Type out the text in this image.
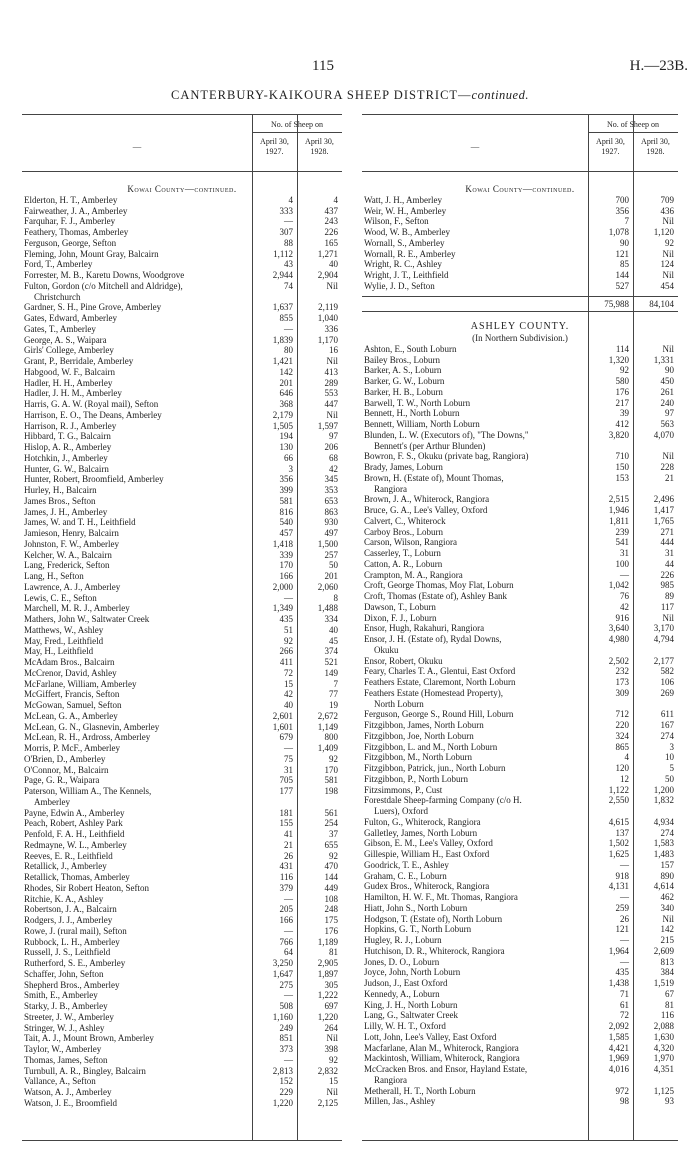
115	H.—23B.
CANTERBURY-KAIKOURA SHEEP DISTRICT—continued.
—
No. of Sheep on
April 30,
1927.
April 30,
1928.
Kowai County—continued.
Elderton, H. T., Amberley	4	4
Fairweather, J. A., Amberley	333	437
Farquhar, F. J., Amberley	—	243
Feathery, Thomas, Amberley	307	226
Ferguson, George, Sefton	88	165
Fleming, John, Mount Gray, Balcairn	1,112	1,271
Ford, T., Amberley	43	40
Forrester, M. B., Karetu Downs, Woodgrove	2,944	2,904
Fulton, Gordon (c/o Mitchell and Aldridge),	74	Nil
Christchurch
Gardner, S. H., Pine Grove, Amberley	1,637	2,119
Gates, Edward, Amberley	855	1,040
Gates, T., Amberley	—	336
George, A. S., Waipara	1,839	1,170
Girls' College, Amberley	80	16
Grant, P., Berridale, Amberley	1,421	Nil
Habgood, W. F., Balcairn	142	413
Hadler, H. H., Amberley	201	289
Hadler, J. H. M., Amberley	646	553
Harris, G. A. W. (Royal mail), Sefton	368	447
Harrison, E. O., The Deans, Amberley	2,179	Nil
Harrison, R. J., Amberley	1,505	1,597
Hibbard, T. G., Balcairn	194	97
Hislop, A. R., Amberley	130	206
Hotchkin, J., Amberley	66	68
Hunter, G. W., Balcairn	3	42
Hunter, Robert, Broomfield, Amberley	356	345
Hurley, H., Balcairn	399	353
James Bros., Sefton	581	653
James, J. H., Amberley	816	863
James, W. and T. H., Leithfield	540	930
Jamieson, Henry, Balcairn	457	497
Johnston, F. W., Amberley	1,418	1,500
Kelcher, W. A., Balcairn	339	257
Lang, Frederick, Sefton	170	50
Lang, H., Sefton	166	201
Lawrence, A. J., Amberley	2,000	2,060
Lewis, C. E., Sefton	—	8
Marchell, M. R. J., Amberley	1,349	1,488
Mathers, John W., Saltwater Creek	435	334
Matthews, W., Ashley	51	40
May, Fred., Leithfield	92	45
May, H., Leithfield	266	374
McAdam Bros., Balcairn	411	521
McCrenor, David, Ashley	72	149
McFarlane, William, Amberley	15	7
McGiffert, Francis, Sefton	42	77
McGowan, Samuel, Sefton	40	19
McLean, G. A., Amberley	2,601	2,672
McLean, G. N., Glasnevin, Amberley	1,601	1,149
McLean, R. H., Ardross, Amberley	679	800
Morris, P. McF., Amberley	—	1,409
O'Brien, D., Amberley	75	92
O'Connor, M., Balcairn	31	170
Page, G. R., Waipara	705	581
Paterson, William A., The Kennels,	177	198
Amberley
Payne, Edwin A., Amberley	181	561
Peach, Robert, Ashley Park	155	254
Penfold, F. A. H., Leithfield	41	37
Redmayne, W. L., Amberley	21	655
Reeves, E. R., Leithfield	26	92
Retallick, J., Amberley	431	470
Retallick, Thomas, Amberley	116	144
Rhodes, Sir Robert Heaton, Sefton	379	449
Ritchie, K. A., Ashley	—	108
Robertson, J. A., Balcairn	205	248
Rodgers, J. J., Amberley	166	175
Rowe, J. (rural mail), Sefton	—	176
Rubbock, L. H., Amberley	766	1,189
Russell, J. S., Leithfield	64	81
Rutherford, S. E., Amberley	3,250	2,905
Schaffer, John, Sefton	1,647	1,897
Shepherd Bros., Amberley	275	305
Smith, E., Amberley	—	1,222
Starky, J. B., Amberley	508	697
Streeter, J. W., Amberley	1,160	1,220
Stringer, W. J., Ashley	249	264
Tait, A. J., Mount Brown, Amberley	851	Nil
Taylor, W., Amberley	373	398
Thomas, James, Sefton	—	92
Turnbull, A. R., Bingley, Balcairn	2,813	2,832
Vallance, A., Sefton	152	15
Watson, A. J., Amberley	229	Nil
Watson, J. E., Broomfield	1,220	2,125
—
No. of Sheep on
April 30,
1927.
April 30,
1928.
Kowai County—continued.
Watt, J. H., Amberley	700	709
Weir, W. H., Amberley	356	436
Wilson, F., Sefton	7	Nil
Wood, W. B., Amberley	1,078	1,120
Wornall, S., Amberley	90	92
Wornall, R. E., Amberley	121	Nil
Wright, R. C., Ashley	85	124
Wright, J. T., Leithfield	144	Nil
Wylie, J. D., Sefton	527	454
75,988	84,104
ASHLEY COUNTY.
(In Northern Subdivision.)
Ashton, E., South Loburn	114	Nil
Bailey Bros., Loburn	1,320	1,331
Barker, A. S., Loburn	92	90
Barker, G. W., Loburn	580	450
Barker, H. B., Loburn	176	261
Barwell, T. W., North Loburn	217	240
Bennett, H., North Loburn	39	97
Bennett, William, North Loburn	412	563
Blunden, L. W. (Executors of), "The Downs,"	3,820	4,070
Bennett's (per Arthur Blunden)
Bowron, F. S., Okuku (private bag, Rangiora)	710	Nil
Brady, James, Loburn	150	228
Brown, H. (Estate of), Mount Thomas,	153	21
Rangiora
Brown, J. A., Whiterock, Rangiora	2,515	2,496
Bruce, G. A., Lee's Valley, Oxford	1,946	1,417
Calvert, C., Whiterock	1,811	1,765
Carboy Bros., Loburn	239	271
Carson, Wilson, Rangiora	541	444
Casserley, T., Loburn	31	31
Catton, A. R., Loburn	100	44
Crampton, M. A., Rangiora	—	226
Croft, George Thomas, Moy Flat, Loburn	1,042	985
Croft, Thomas (Estate of), Ashley Bank	76	89
Dawson, T., Loburn	42	117
Dixon, F. J., Loburn	916	Nil
Ensor, Hugh, Rakahuri, Rangiora	3,640	3,170
Ensor, J. H. (Estate of), Rydal Downs,	4,980	4,794
Okuku
Ensor, Robert, Okuku	2,502	2,177
Feary, Charles T. A., Glentui, East Oxford	232	582
Feathers Estate, Claremont, North Loburn	173	106
Feathers Estate (Homestead Property),	309	269
North Loburn
Ferguson, George S., Round Hill, Loburn	712	611
Fitzgibbon, James, North Loburn	220	167
Fitzgibbon, Joe, North Loburn	324	274
Fitzgibbon, L. and M., North Loburn	865	3
Fitzgibbon, M., North Loburn	4	10
Fitzgibbon, Patrick, jun., North Loburn	120	5
Fitzgibbon, P., North Loburn	12	50
Fitzsimmons, P., Cust	1,122	1,200
Forestdale Sheep-farming Company (c/o H.	2,550	1,832
Luers), Oxford
Fulton, G., Whiterock, Rangiora	4,615	4,934
Galletley, James, North Loburn	137	274
Gibson, E. M., Lee's Valley, Oxford	1,502	1,583
Gillespie, William H., East Oxford	1,625	1,483
Goodrick, T. E., Ashley	—	157
Graham, C. E., Loburn	918	890
Gudex Bros., Whiterock, Rangiora	4,131	4,614
Hamilton, H. W. F., Mt. Thomas, Rangiora	—	462
Hiatt, John S., North Loburn	259	340
Hodgson, T. (Estate of), North Loburn	26	Nil
Hopkins, G. T., North Loburn	121	142
Hugley, R. J., Loburn	—	215
Hutchison, D. R., Whiterock, Rangiora	1,964	2,609
Jones, D. O., Loburn	—	813
Joyce, John, North Loburn	435	384
Judson, J., East Oxford	1,438	1,519
Kennedy, A., Loburn	71	67
King, J. H., North Loburn	61	81
Lang, G., Saltwater Creek	72	116
Lilly, W. H. T., Oxford	2,092	2,088
Lott, John, Lee's Valley, East Oxford	1,585	1,630
Macfarlane, Alan M., Whiterock, Rangiora	4,421	4,320
Mackintosh, William, Whiterock, Rangiora	1,969	1,970
McCracken Bros. and Ensor, Hayland Estate,	4,016	4,351
Rangiora
Metherall, H. T., North Loburn	972	1,125
Millen, Jas., Ashley	98	93
